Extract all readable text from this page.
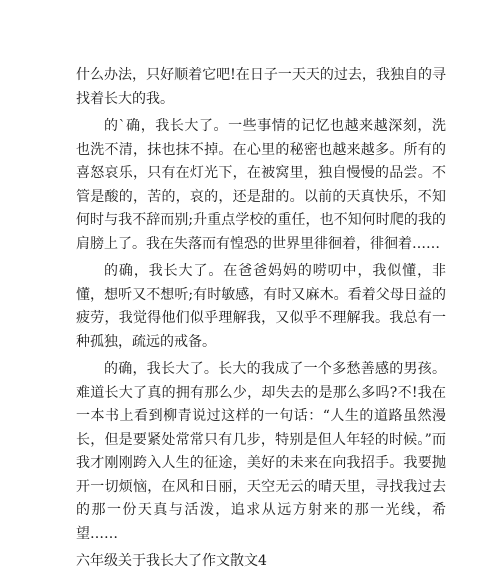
什么办法，只好顺着它吧!在日子一天天的过去，我独自的寻找着长大的我。

的`确，我长大了。一些事情的记忆也越来越深刻，洗也洗不清，抹也抹不掉。在心里的秘密也越来越多。所有的喜怒哀乐，只有在灯光下，在被窝里，独自慢慢的品尝。不管是酸的，苦的，哀的，还是甜的。以前的天真快乐，不知何时与我不辞而别;升重点学校的重任，也不知何时爬的我的肩膀上了。我在失落而有惶恐的世界里徘徊着，徘徊着……

的确，我长大了。在爸爸妈妈的唠叨中，我似懂，非懂，想听又不想听;有时敏感，有时又麻木。看着父母日益的疲劳，我觉得他们似乎理解我，又似乎不理解我。我总有一种孤独，疏远的戒备。

的确，我长大了。长大的我成了一个多愁善感的男孩。难道长大了真的拥有那么少，却失去的是那么多吗?不!我在一本书上看到柳青说过这样的一句话：“人生的道路虽然漫长，但是要紧处常常只有几步，特别是但人年轻的时候。”而我才刚刚跨入人生的征途，美好的未来在向我招手。我要抛开一切烦恼，在风和日丽，天空无云的晴天里，寻找我过去的那一份天真与活泼，追求从远方射来的那一光线，希望……

六年级关于我长大了作文散文4
